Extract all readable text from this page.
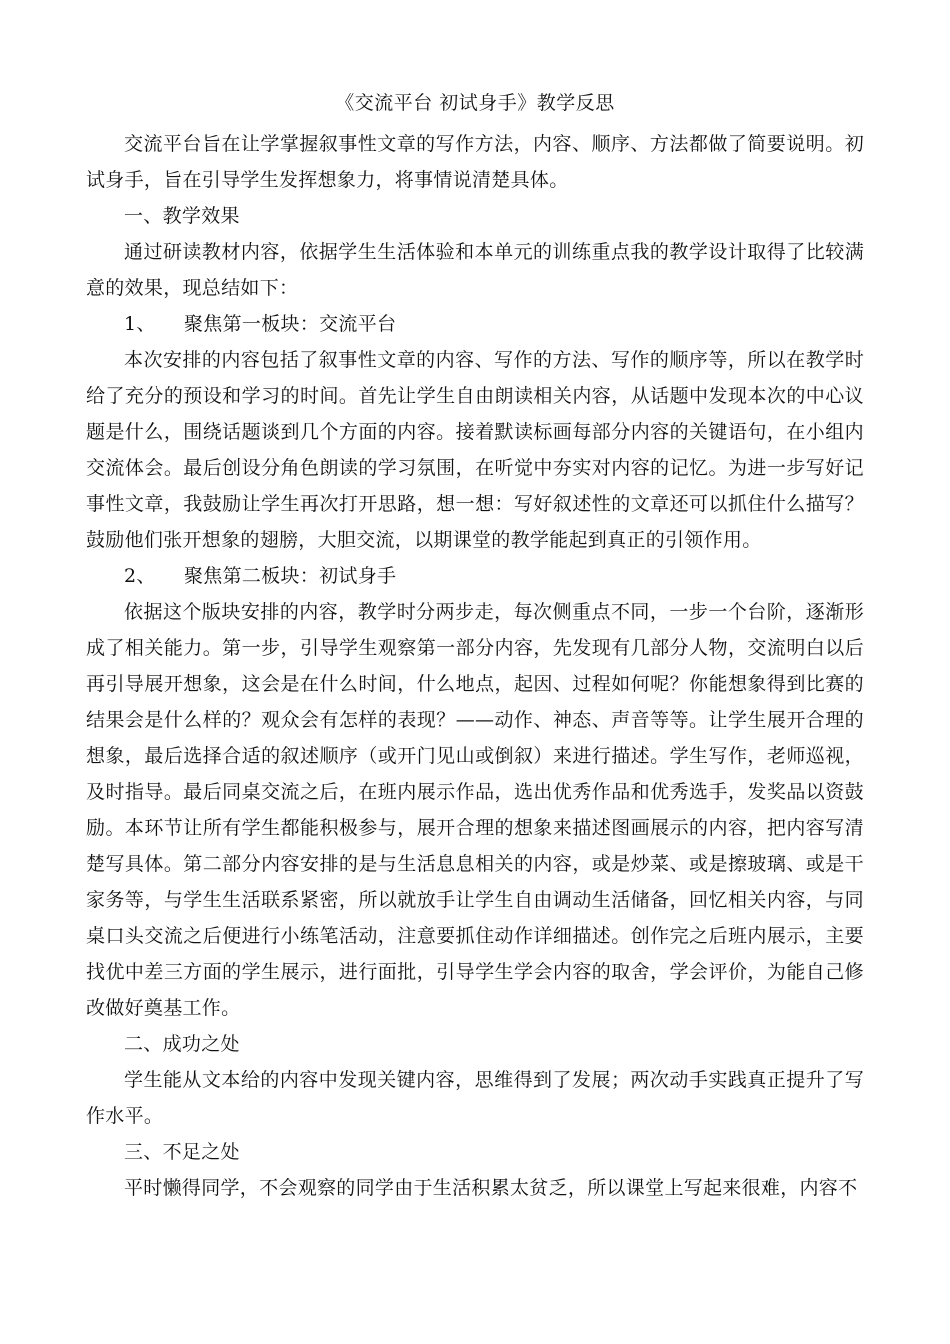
《交流平台 初试身手》教学反思

交流平台旨在让学掌握叙事性文章的写作方法，内容、顺序、方法都做了简要说明。初试身手，旨在引导学生发挥想象力，将事情说清楚具体。

一、教学效果

通过研读教材内容，依据学生生活体验和本单元的训练重点我的教学设计取得了比较满意的效果，现总结如下：

1、 聚焦第一板块：交流平台

本次安排的内容包括了叙事性文章的内容、写作的方法、写作的顺序等，所以在教学时给了充分的预设和学习的时间。首先让学生自由朗读相关内容，从话题中发现本次的中心议题是什么，围绕话题谈到几个方面的内容。接着默读标画每部分内容的关键语句，在小组内交流体会。最后创设分角色朗读的学习氛围，在听觉中夯实对内容的记忆。为进一步写好记事性文章，我鼓励让学生再次打开思路，想一想：写好叙述性的文章还可以抓住什么描写？鼓励他们张开想象的翅膀，大胆交流，以期课堂的教学能起到真正的引领作用。

2、 聚焦第二板块：初试身手

依据这个版块安排的内容，教学时分两步走，每次侧重点不同，一步一个台阶，逐渐形成了相关能力。第一步，引导学生观察第一部分内容，先发现有几部分人物，交流明白以后再引导展开想象，这会是在什么时间，什么地点，起因、过程如何呢？你能想象得到比赛的结果会是什么样的？观众会有怎样的表现？——动作、神态、声音等等。让学生展开合理的想象，最后选择合适的叙述顺序（或开门见山或倒叙）来进行描述。学生写作，老师巡视，及时指导。最后同桌交流之后，在班内展示作品，选出优秀作品和优秀选手，发奖品以资鼓励。本环节让所有学生都能积极参与，展开合理的想象来描述图画展示的内容，把内容写清楚写具体。第二部分内容安排的是与生活息息相关的内容，或是炒菜、或是擦玻璃、或是干家务等，与学生生活联系紧密，所以就放手让学生自由调动生活储备，回忆相关内容，与同桌口头交流之后便进行小练笔活动，注意要抓住动作详细描述。创作完之后班内展示，主要找优中差三方面的学生展示，进行面批，引导学生学会内容的取舍，学会评价，为能自己修改做好奠基工作。

二、成功之处

学生能从文本给的内容中发现关键内容，思维得到了发展；两次动手实践真正提升了写作水平。

三、不足之处

平时懒得同学，不会观察的同学由于生活积累太贫乏，所以课堂上写起来很难，内容不
